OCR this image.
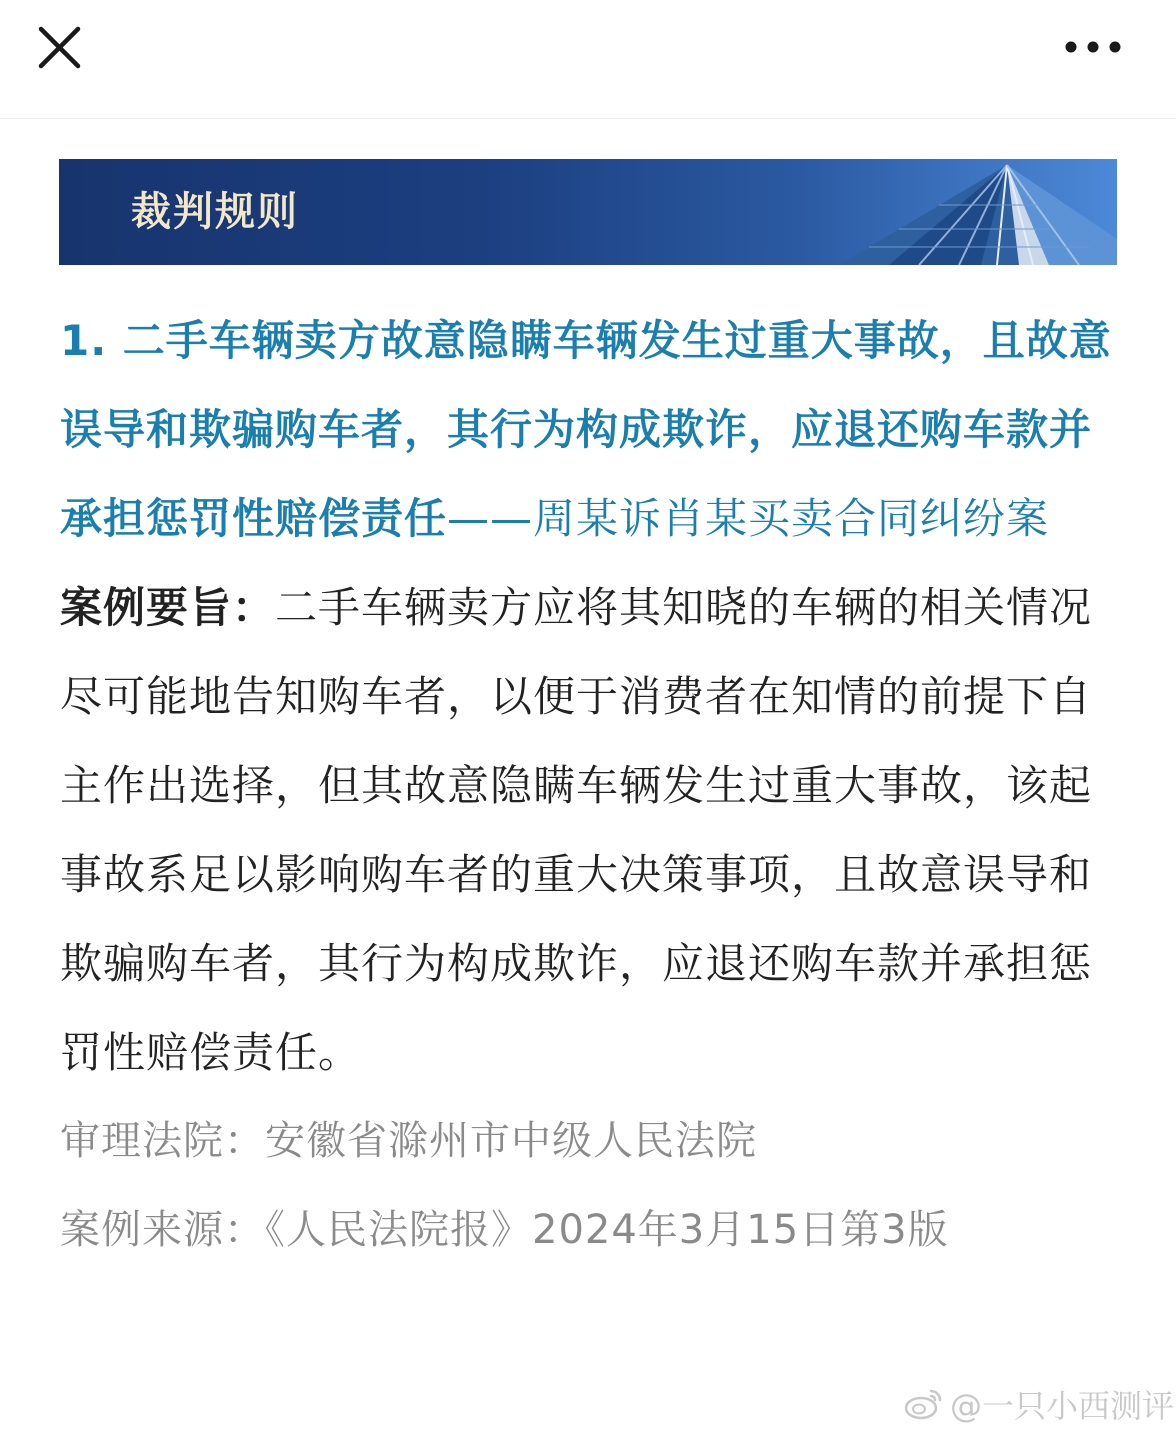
裁判规则

1. 二手车辆卖方故意隐瞒车辆发生过重大事故，且故意误导和欺骗购车者，其行为构成欺诈，应退还购车款并承担惩罚性赔偿责任——周某诉肖某买卖合同纠纷案

案例要旨：二手车辆卖方应将其知晓的车辆的相关情况尽可能地告知购车者，以便于消费者在知情的前提下自主作出选择，但其故意隐瞒车辆发生过重大事故，该起事故系足以影响购车者的重大决策事项，且故意误导和欺骗购车者，其行为构成欺诈，应退还购车款并承担惩罚性赔偿责任。

审理法院：安徽省滁州市中级人民法院

案例来源：《人民法院报》2024年3月15日第3版

@一只小西测评
